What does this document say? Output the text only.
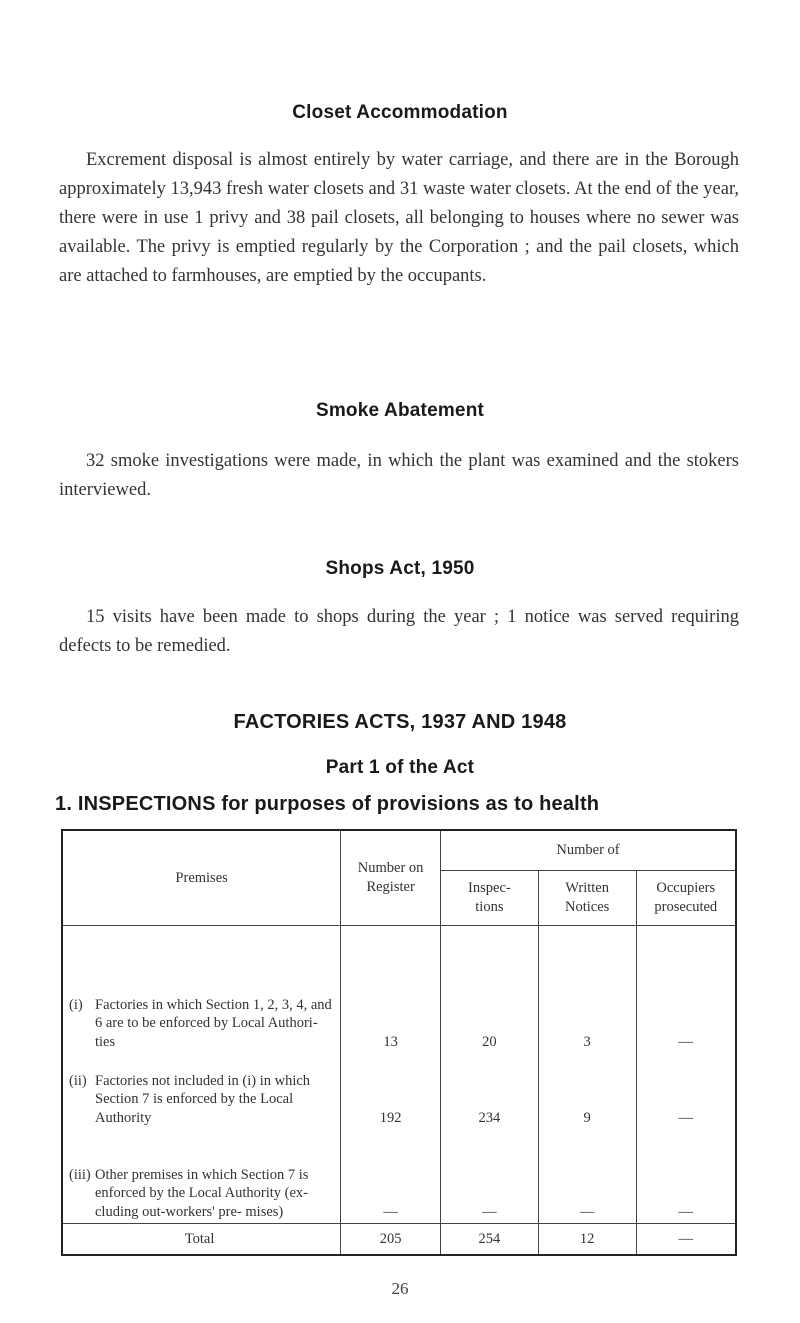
Closet Accommodation

Excrement disposal is almost entirely by water carriage, and there are in the Borough approximately 13,943 fresh water closets and 31 waste water closets. At the end of the year, there were in use 1 privy and 38 pail closets, all belonging to houses where no sewer was available. The privy is emptied regularly by the Corporation ; and the pail closets, which are attached to farmhouses, are emptied by the occupants.

Smoke Abatement

32 smoke investigations were made, in which the plant was examined and the stokers interviewed.

Shops Act, 1950

15 visits have been made to shops during the year ; 1 notice was served requiring defects to be remedied.

FACTORIES ACTS, 1937 AND 1948
Part 1 of the Act
1. INSPECTIONS for purposes of provisions as to health
Premises	Number on Register	Number of		
		Inspec- tions	Written Notices	Occupiers prosecuted

(i) Factories in which Section 1, 2, 3, 4, and 6 are to be enforced by Local Authori- ties	13	20	3	—

(ii) Factories not included in (i) in which Section 7 is enforced by the Local Authority	192	234	9	—

(iii) Other premises in which Section 7 is enforced by the Local Authority (ex- cluding out-workers' pre- mises)	—	—	—	—
Total	205	254	12	—
26
